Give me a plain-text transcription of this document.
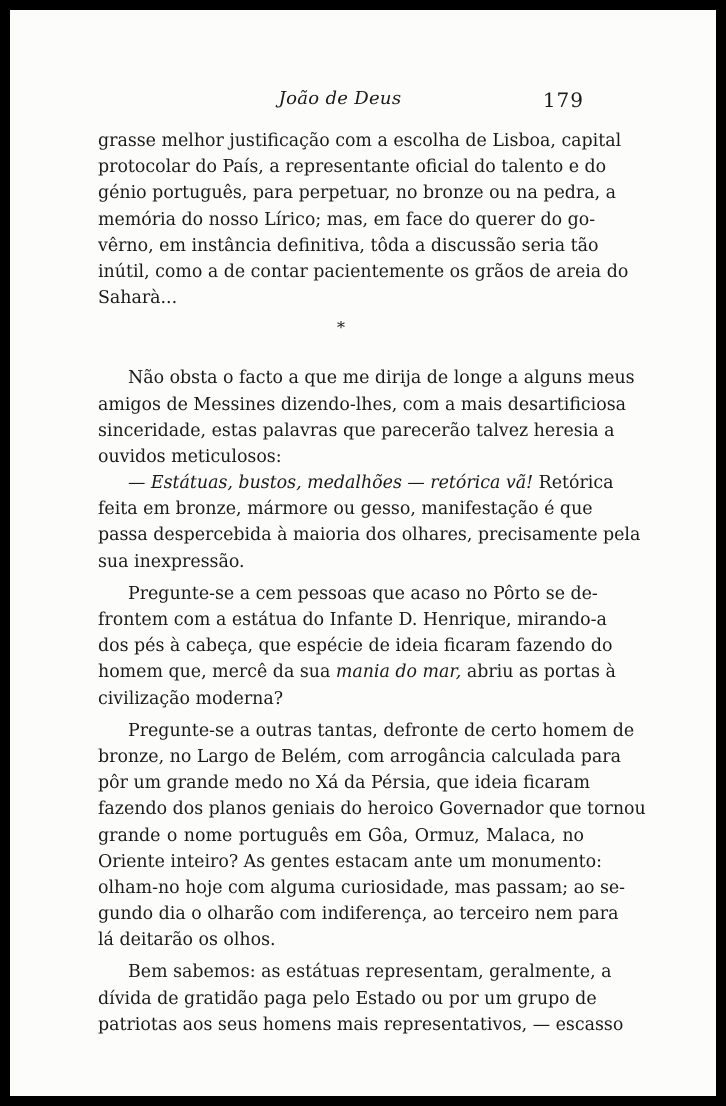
João de Deus	179
grasse melhor justificação com a escolha de Lisboa, capital
protocolar do País, a representante oficial do talento e do
génio português, para perpetuar, no bronze ou na pedra, a
memória do nosso Lírico; mas, em face do querer do go-
vêrno, em instância definitiva, tôda a discussão seria tão
inútil, como a de contar pacientemente os grãos de areia do
Saharà...
*
Não obsta o facto a que me dirija de longe a alguns meus
amigos de Messines dizendo-lhes, com a mais desartificiosa
sinceridade, estas palavras que parecerão talvez heresia a
ouvidos meticulosos:
— Estátuas, bustos, medalhões — retórica vã! Retórica
feita em bronze, mármore ou gesso, manifestação é que
passa despercebida à maioria dos olhares, precisamente pela
sua inexpressão.
Pregunte-se a cem pessoas que acaso no Pôrto se de-
frontem com a estátua do Infante D. Henrique, mirando-a
dos pés à cabeça, que espécie de ideia ficaram fazendo do
homem que, mercê da sua mania do mar, abriu as portas à
civilização moderna?
Pregunte-se a outras tantas, defronte de certo homem de
bronze, no Largo de Belém, com arrogância calculada para
pôr um grande medo no Xá da Pérsia, que ideia ficaram
fazendo dos planos geniais do heroico Governador que tornou
grande o nome português em Gôa, Ormuz, Malaca, no
Oriente inteiro? As gentes estacam ante um monumento:
olham-no hoje com alguma curiosidade, mas passam; ao se-
gundo dia o olharão com indiferença, ao terceiro nem para
lá deitarão os olhos.
Bem sabemos: as estátuas representam, geralmente, a
dívida de gratidão paga pelo Estado ou por um grupo de
patriotas aos seus homens mais representativos, — escasso
